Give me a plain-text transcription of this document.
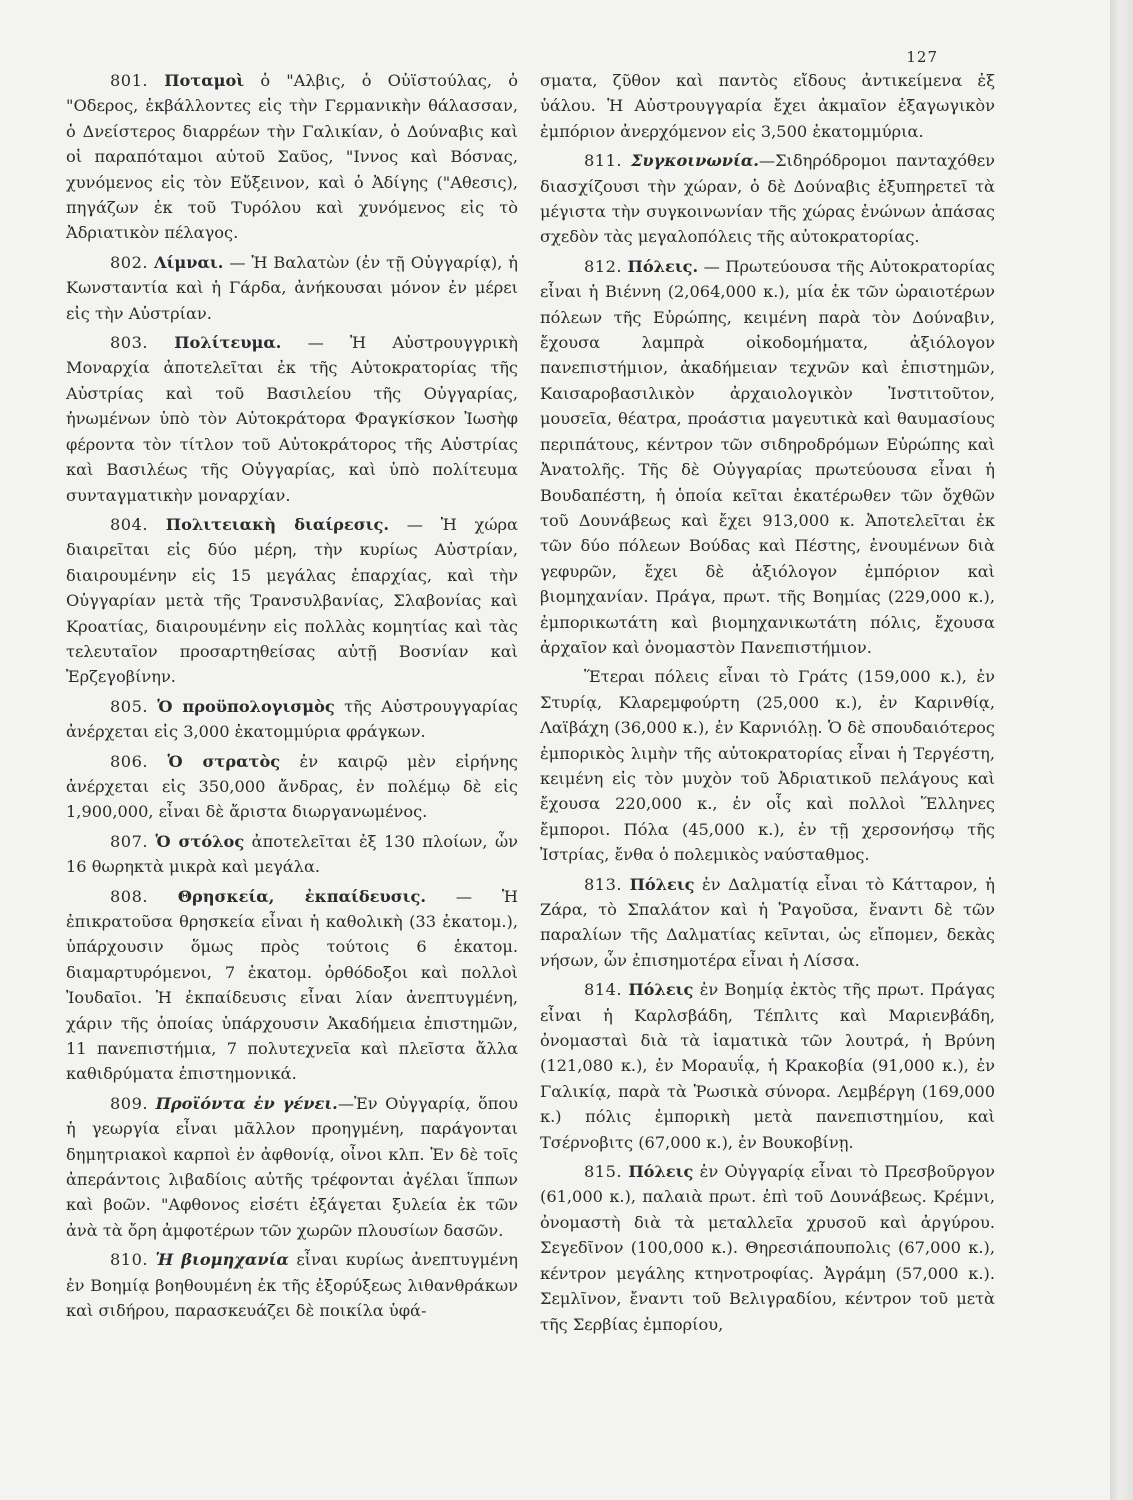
127

801. Ποταμοὶ ὁ "Αλβις, ὁ Οὐϊστούλας, ὁ "Οδερος, ἐκβάλλοντες εἰς τὴν Γερμανικὴν θάλασσαν, ὁ Δνείστερος διαρρέων τὴν Γαλικίαν, ὁ Δούναβις καὶ οἱ παραπόταμοι αὐτοῦ Σαῦος, "Ιννος καὶ Βόσνας, χυνόμενος εἰς τὸν Εὔξεινον, καὶ ὁ Ἀδίγης ("Αθεσις), πηγάζων ἐκ τοῦ Τυρόλου καὶ χυνόμενος εἰς τὸ Ἀδριατικὸν πέλαγος.

802. Λίμναι. — Ἡ Βαλατὼν (ἐν τῇ Οὐγγαρίᾳ), ἡ Κωνσταντία καὶ ἡ Γάρδα, ἀνήκουσαι μόνον ἐν μέρει εἰς τὴν Αὐστρίαν.

803. Πολίτευμα. — Ἡ Αὐστρουγγρικὴ Μοναρχία ἀποτελεῖται ἐκ τῆς Αὐτοκρατορίας τῆς Αὐστρίας καὶ τοῦ Βασιλείου τῆς Οὐγγαρίας, ἡνωμένων ὑπὸ τὸν Αὐτοκράτορα Φραγκίσκον Ἰωσὴφ φέροντα τὸν τίτλον τοῦ Αὐτοκράτορος τῆς Αὐστρίας καὶ Βασιλέως τῆς Οὐγγαρίας, καὶ ὑπὸ πολίτευμα συνταγματικὴν μοναρχίαν.

804. Πολιτειακὴ διαίρεσις. — Ἡ χώρα διαιρεῖται εἰς δύο μέρη, τὴν κυρίως Αὐστρίαν, διαιρουμένην εἰς 15 μεγάλας ἐπαρχίας, καὶ τὴν Οὐγγαρίαν μετὰ τῆς Τρανσυλβανίας, Σλαβονίας καὶ Κροατίας, διαιρουμένην εἰς πολλὰς κομητίας καὶ τὰς τελευταῖον προσαρτηθείσας αὐτῇ Βοσνίαν καὶ Ἑρζεγοβίνην.

805. Ὁ προϋπολογισμὸς τῆς Αὐστρουγγαρίας ἀνέρχεται εἰς 3,000 ἑκατομμύρια φράγκων.

806. Ὁ στρατὸς ἐν καιρῷ μὲν εἰρήνης ἀνέρχεται εἰς 350,000 ἄνδρας, ἐν πολέμῳ δὲ εἰς 1,900,000, εἶναι δὲ ἄριστα διωργανωμένος.

807. Ὁ στόλος ἀποτελεῖται ἐξ 130 πλοίων, ὧν 16 θωρηκτὰ μικρὰ καὶ μεγάλα.

808. Θρησκεία, ἐκπαίδευσις. — Ἡ ἐπικρατοῦσα θρησκεία εἶναι ἡ καθολικὴ (33 ἑκατομ.), ὑπάρχουσιν ὅμως πρὸς τούτοις 6 ἑκατομ. διαμαρτυρόμενοι, 7 ἑκατομ. ὀρθόδοξοι καὶ πολλοὶ Ἰουδαῖοι. Ἡ ἐκπαίδευσις εἶναι λίαν ἀνεπτυγμένη, χάριν τῆς ὁποίας ὑπάρχουσιν Ἀκαδήμεια ἐπιστημῶν, 11 πανεπιστήμια, 7 πολυτεχνεῖα καὶ πλεῖστα ἄλλα καθιδρύματα ἐπιστημονικά.

809. Προϊόντα ἐν γένει.—Ἐν Οὐγγαρίᾳ, ὅπου ἡ γεωργία εἶναι μᾶλλον προηγμένη, παράγονται δημητριακοὶ καρποὶ ἐν ἀφθονίᾳ, οἶνοι κλπ. Ἐν δὲ τοῖς ἀπεράντοις λιβαδίοις αὐτῆς τρέφονται ἀγέλαι ἵππων καὶ βοῶν. "Αφθονος εἰσέτι ἐξάγεται ξυλεία ἐκ τῶν ἀνὰ τὰ ὄρη ἀμφοτέρων τῶν χωρῶν πλουσίων δασῶν.

810. Ἡ βιομηχανία εἶναι κυρίως ἀνεπτυγμένη ἐν Βοημίᾳ βοηθουμένη ἐκ τῆς ἐξορύξεως λιθανθράκων καὶ σιδήρου, παρασκευάζει δὲ ποικίλα ὑφά-

σματα, ζῦθον καὶ παντὸς εἴδους ἀντικείμενα ἐξ ὑάλου. Ἡ Αὐστρουγγαρία ἔχει ἀκμαῖον ἐξαγωγικὸν ἐμπόριον ἀνερχόμενον εἰς 3,500 ἑκατομμύρια.

811. Συγκοινωνία.—Σιδηρόδρομοι πανταχόθεν διασχίζουσι τὴν χώραν, ὁ δὲ Δούναβις ἐξυπηρετεῖ τὰ μέγιστα τὴν συγκοινωνίαν τῆς χώρας ἑνώνων ἁπάσας σχεδὸν τὰς μεγαλοπόλεις τῆς αὐτοκρατορίας.

812. Πόλεις. — Πρωτεύουσα τῆς Αὐτοκρατορίας εἶναι ἡ Βιέννη (2,064,000 κ.), μία ἐκ τῶν ὡραιοτέρων πόλεων τῆς Εὐρώπης, κειμένη παρὰ τὸν Δούναβιν, ἔχουσα λαμπρὰ οἰκοδομήματα, ἀξιόλογον πανεπιστήμιον, ἀκαδήμειαν τεχνῶν καὶ ἐπιστημῶν, Καισαροβασιλικὸν ἀρχαιολογικὸν Ἰνστιτοῦτον, μουσεῖα, θέατρα, προάστια μαγευτικὰ καὶ θαυμασίους περιπάτους, κέντρον τῶν σιδηροδρόμων Εὐρώπης καὶ Ἀνατολῆς. Τῆς δὲ Οὐγγαρίας πρωτεύουσα εἶναι ἡ Βουδαπέστη, ἡ ὁποία κεῖται ἑκατέρωθεν τῶν ὄχθῶν τοῦ Δουνάβεως καὶ ἔχει 913,000 κ. Ἀποτελεῖται ἐκ τῶν δύο πόλεων Βούδας καὶ Πέστης, ἑνουμένων διὰ γεφυρῶν, ἔχει δὲ ἀξιόλογον ἐμπόριον καὶ βιομηχανίαν. Πράγα, πρωτ. τῆς Βοημίας (229,000 κ.), ἐμπορικωτάτη καὶ βιομηχανικωτάτη πόλις, ἔχουσα ἀρχαῖον καὶ ὀνομαστὸν Πανεπιστήμιον.

Ἕτεραι πόλεις εἶναι τὸ Γράτς (159,000 κ.), ἐν Στυρίᾳ, Κλαρεμφούρτη (25,000 κ.), ἐν Καρινθίᾳ, Λαϊβάχη (36,000 κ.), ἐν Καρνιόλῃ. Ὁ δὲ σπουδαιότερος ἐμπορικὸς λιμὴν τῆς αὐτοκρατορίας εἶναι ἡ Τεργέστη, κειμένη εἰς τὸν μυχὸν τοῦ Ἀδριατικοῦ πελάγους καὶ ἔχουσα 220,000 κ., ἐν οἷς καὶ πολλοὶ Ἕλληνες ἔμποροι. Πόλα (45,000 κ.), ἐν τῇ χερσονήσῳ τῆς Ἰστρίας, ἔνθα ὁ πολεμικὸς ναύσταθμος.

813. Πόλεις ἐν Δαλματίᾳ εἶναι τὸ Κάτταρον, ἡ Ζάρα, τὸ Σπαλάτον καὶ ἡ Ῥαγοῦσα, ἔναντι δὲ τῶν παραλίων τῆς Δαλματίας κεῖνται, ὡς εἴπομεν, δεκὰς νήσων, ὧν ἐπισημοτέρα εἶναι ἡ Λίσσα.

814. Πόλεις ἐν Βοημίᾳ ἐκτὸς τῆς πρωτ. Πράγας εἶναι ἡ Καρλσβάδη, Τέπλιτς καὶ Μαριενβάδη, ὀνομασταὶ διὰ τὰ ἰαματικὰ τῶν λουτρά, ἡ Βρύνη (121,080 κ.), ἐν Μοραυΐᾳ, ἡ Κρακοβία (91,000 κ.), ἐν Γαλικίᾳ, παρὰ τὰ Ῥωσικὰ σύνορα. Λεμβέργη (169,000 κ.) πόλις ἐμπορικὴ μετὰ πανεπιστημίου, καὶ Τσέρνοβιτς (67,000 κ.), ἐν Βουκοβίνῃ.

815. Πόλεις ἐν Οὐγγαρίᾳ εἶναι τὸ Πρεσβοῦργον (61,000 κ.), παλαιὰ πρωτ. ἐπὶ τοῦ Δουνάβεως. Κρέμνι, ὀνομαστὴ διὰ τὰ μεταλλεῖα χρυσοῦ καὶ ἀργύρου. Σεγεδῖνον (100,000 κ.). Θηρεσιάπουπολις (67,000 κ.), κέντρον μεγάλης κτηνοτροφίας. Ἀγράμη (57,000 κ.). Σεμλῖνον, ἔναντι τοῦ Βελιγραδίου, κέντρον τοῦ μετὰ τῆς Σερβίας ἐμπορίου,
